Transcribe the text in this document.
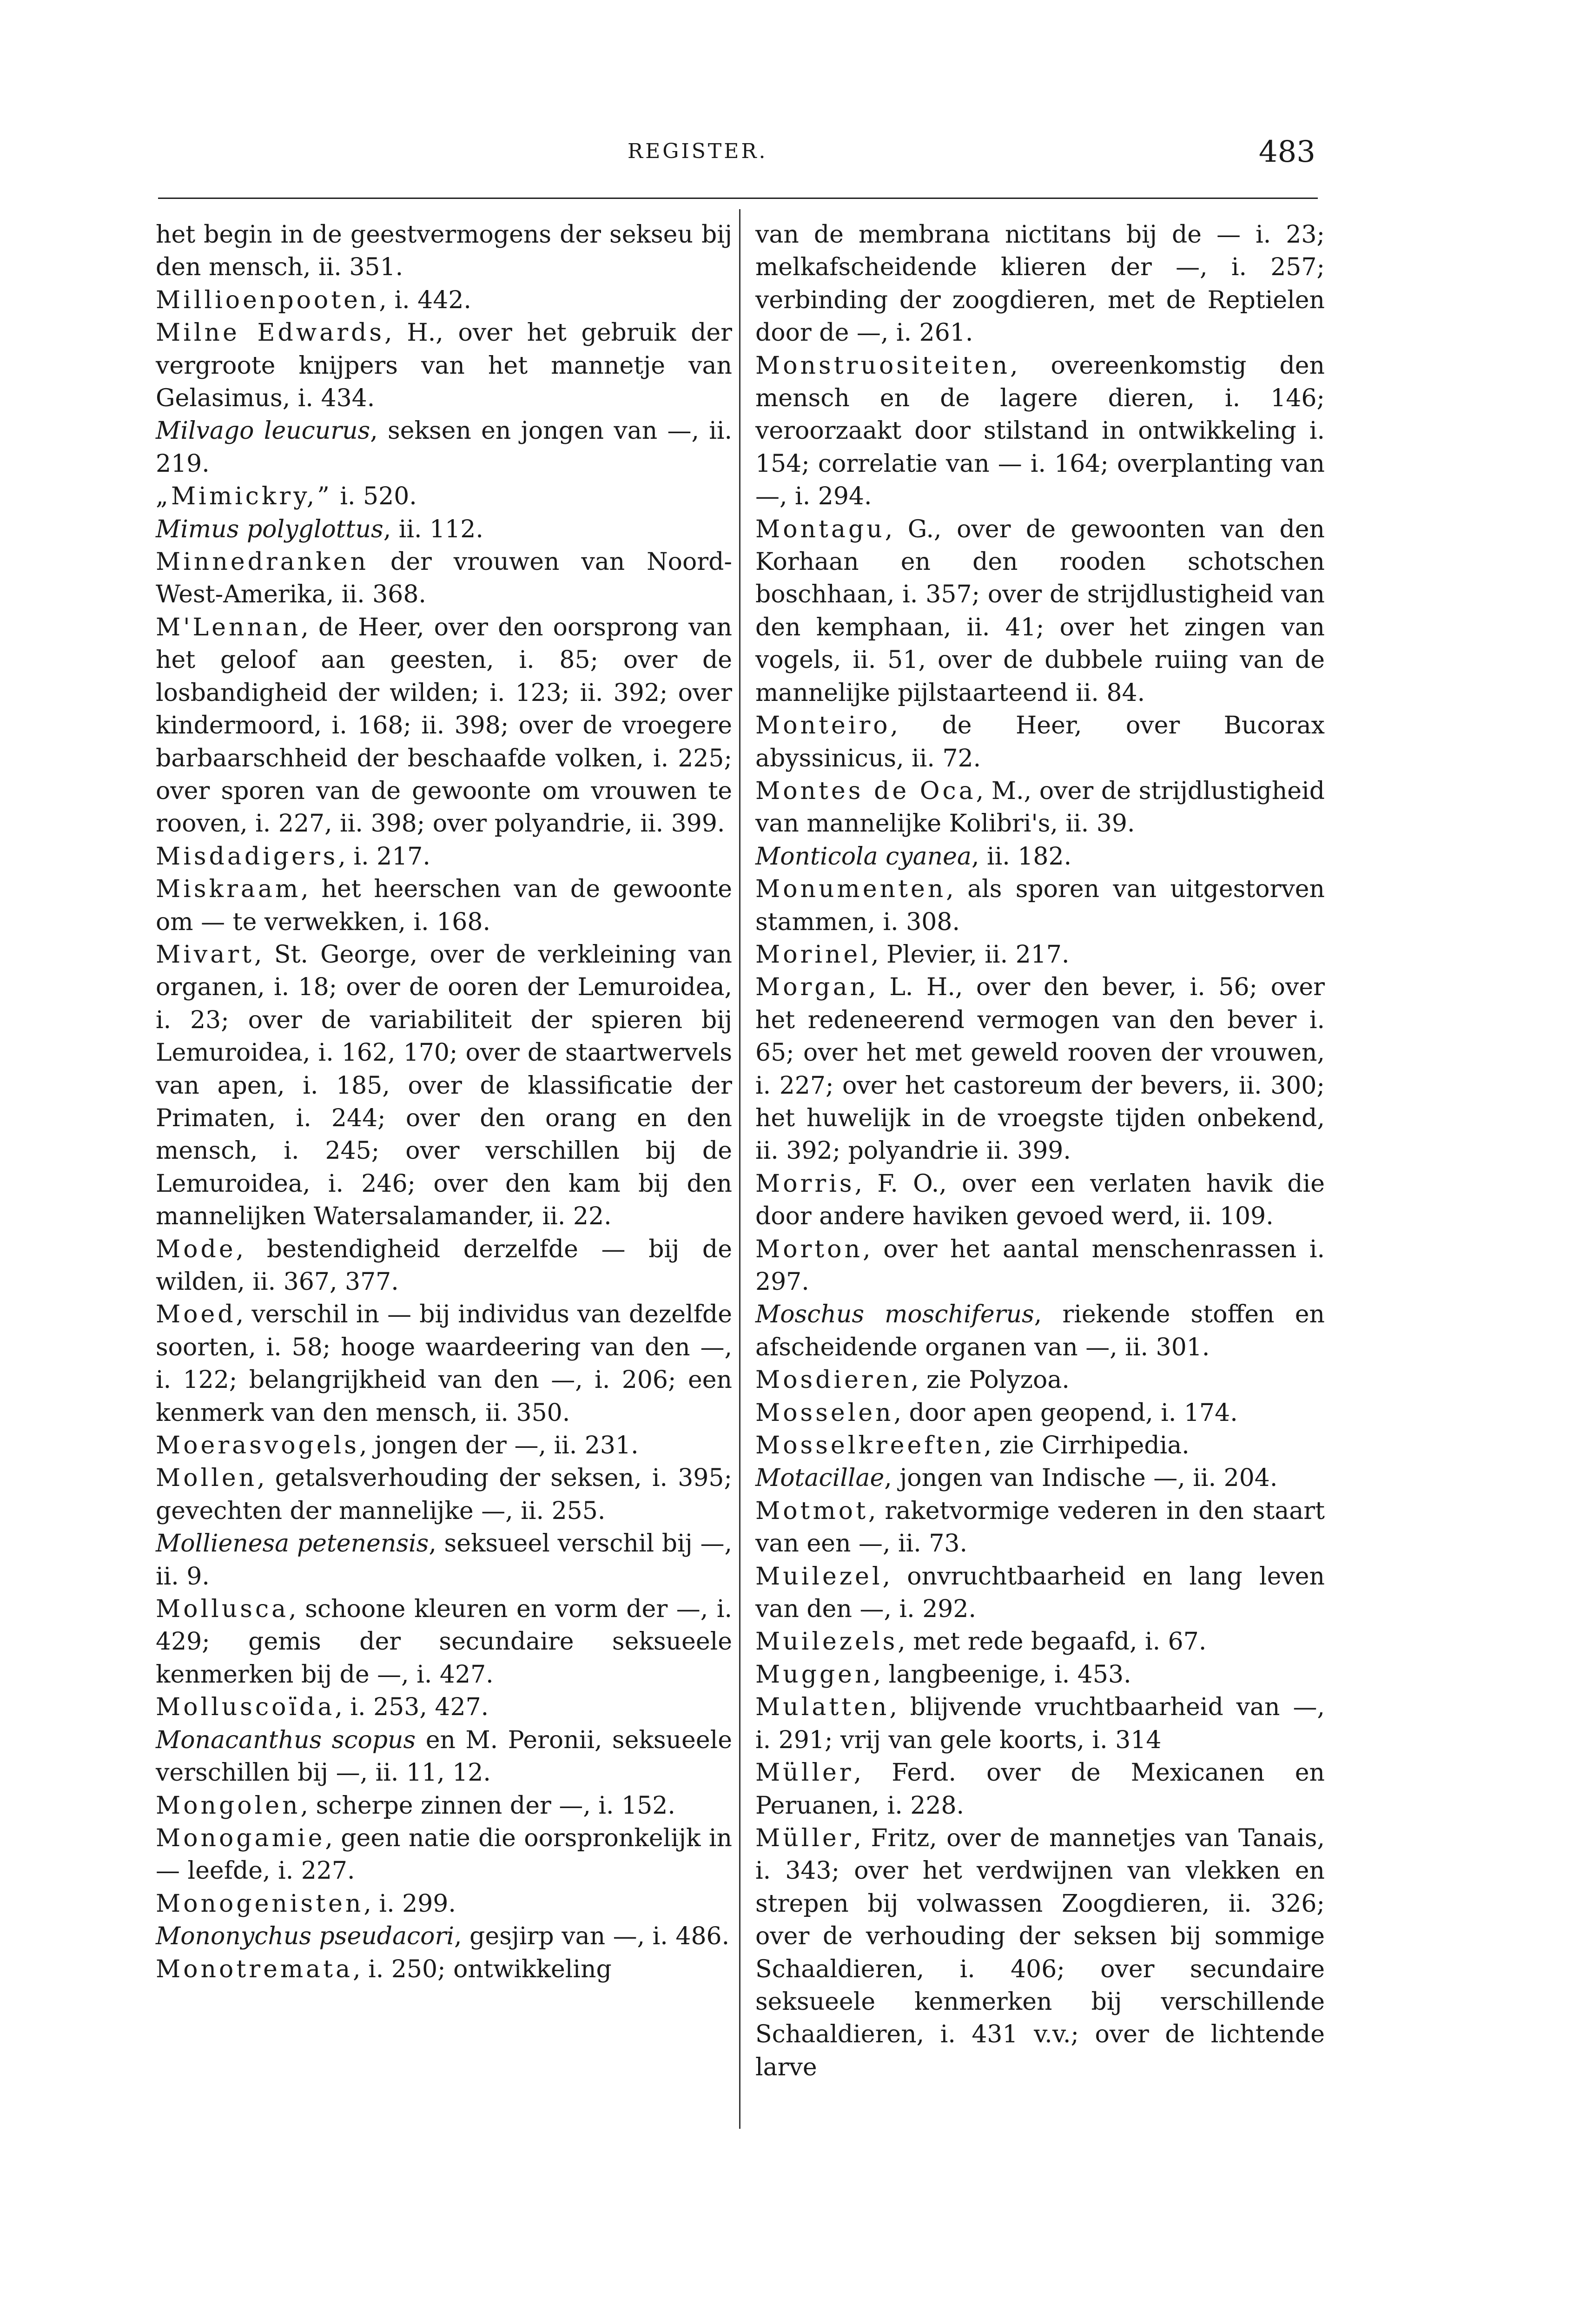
REGISTER.	483

het begin in de geestvermogens der sekseu bij den mensch, ii. 351.

Millioenpooten, i. 442.

Milne Edwards, H., over het gebruik der vergroote knijpers van het mannetje van Gelasimus, i. 434.

Milvago leucurus, seksen en jongen van —, ii. 219.

„Mimickry,” i. 520.

Mimus polyglottus, ii. 112.

Minnedranken der vrouwen van Noord-West-Amerika, ii. 368.

M'Lennan, de Heer, over den oorsprong van het geloof aan geesten, i. 85; over de losbandigheid der wilden; i. 123; ii. 392; over kindermoord, i. 168; ii. 398; over de vroegere barbaarschheid der beschaafde volken, i. 225; over sporen van de gewoonte om vrouwen te rooven, i. 227, ii. 398; over polyandrie, ii. 399.

Misdadigers, i. 217.

Miskraam, het heerschen van de gewoonte om — te verwekken, i. 168.

Mivart, St. George, over de verkleining van organen, i. 18; over de ooren der Lemuroidea, i. 23; over de variabiliteit der spieren bij Lemuroidea, i. 162, 170; over de staartwervels van apen, i. 185, over de klassificatie der Primaten, i. 244; over den orang en den mensch, i. 245; over verschillen bij de Lemuroidea, i. 246; over den kam bij den mannelijken Watersalamander, ii. 22.

Mode, bestendigheid derzelfde — bij de wilden, ii. 367, 377.

Moed, verschil in — bij individus van dezelfde soorten, i. 58; hooge waardeering van den —, i. 122; belangrijkheid van den —, i. 206; een kenmerk van den mensch, ii. 350.

Moerasvogels, jongen der —, ii. 231.

Mollen, getalsverhouding der seksen, i. 395; gevechten der mannelijke —, ii. 255.

Mollienesa petenensis, seksueel verschil bij —, ii. 9.

Mollusca, schoone kleuren en vorm der —, i. 429; gemis der secundaire seksueele kenmerken bij de —, i. 427.

Molluscoïda, i. 253, 427.

Monacanthus scopus en M. Peronii, seksueele verschillen bij —, ii. 11, 12.

Mongolen, scherpe zinnen der —, i. 152.

Monogamie, geen natie die oorspronkelijk in — leefde, i. 227.

Monogenisten, i. 299.

Mononychus pseudacori, gesjirp van —, i. 486.

Monotremata, i. 250; ontwikkeling

van de membrana nictitans bij de — i. 23; melkafscheidende klieren der —, i. 257; verbinding der zoogdieren, met de Reptielen door de —, i. 261.

Monstruositeiten, overeenkomstig den mensch en de lagere dieren, i. 146; veroorzaakt door stilstand in ontwikkeling i. 154; correlatie van — i. 164; overplanting van —, i. 294.

Montagu, G., over de gewoonten van den Korhaan en den rooden schotschen boschhaan, i. 357; over de strijdlustigheid van den kemphaan, ii. 41; over het zingen van vogels, ii. 51, over de dubbele ruiing van de mannelijke pijlstaarteend ii. 84.

Monteiro, de Heer, over Bucorax abyssinicus, ii. 72.

Montes de Oca, M., over de strijdlustigheid van mannelijke Kolibri's, ii. 39.

Monticola cyanea, ii. 182.

Monumenten, als sporen van uitgestorven stammen, i. 308.

Morinel, Plevier, ii. 217.

Morgan, L. H., over den bever, i. 56; over het redeneerend vermogen van den bever i. 65; over het met geweld rooven der vrouwen, i. 227; over het castoreum der bevers, ii. 300; het huwelijk in de vroegste tijden onbekend, ii. 392; polyandrie ii. 399.

Morris, F. O., over een verlaten havik die door andere haviken gevoed werd, ii. 109.

Morton, over het aantal menschenrassen i. 297.

Moschus moschiferus, riekende stoffen en afscheidende organen van —, ii. 301.

Mosdieren, zie Polyzoa.

Mosselen, door apen geopend, i. 174.

Mosselkreeften, zie Cirrhipedia.

Motacillae, jongen van Indische —, ii. 204.

Motmot, raketvormige vederen in den staart van een —, ii. 73.

Muilezel, onvruchtbaarheid en lang leven van den —, i. 292.

Muilezels, met rede begaafd, i. 67.

Muggen, langbeenige, i. 453.

Mulatten, blijvende vruchtbaarheid van —, i. 291; vrij van gele koorts, i. 314

Müller, Ferd. over de Mexicanen en Peruanen, i. 228.

Müller, Fritz, over de mannetjes van Tanais, i. 343; over het verdwijnen van vlekken en strepen bij volwassen Zoogdieren, ii. 326; over de verhouding der seksen bij sommige Schaaldieren, i. 406; over secundaire seksueele kenmerken bij verschillende Schaaldieren, i. 431 v.v.; over de lichtende larve
